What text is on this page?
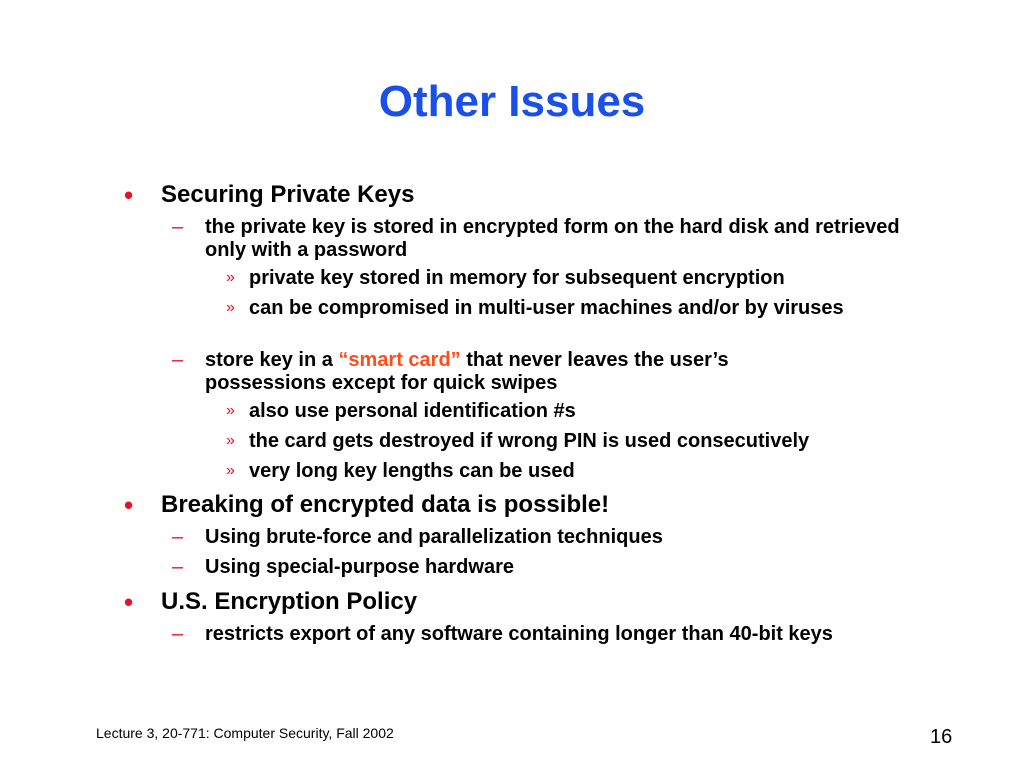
Other Issues
• Securing Private Keys
– the private key is stored in encrypted form on the hard disk and retrieved only with a password
» private key stored in memory for subsequent encryption
» can be compromised in multi-user machines and/or by viruses
– store key in a “smart card” that never leaves the user’s possessions except for quick swipes
» also use personal identification #s
» the card gets destroyed if wrong PIN is used consecutively
» very long key lengths can be used
• Breaking of encrypted data is possible!
– Using brute-force and parallelization techniques
– Using special-purpose hardware
• U.S. Encryption Policy
– restricts export of any software containing longer than 40-bit keys
Lecture 3, 20-771: Computer Security, Fall 2002	16
